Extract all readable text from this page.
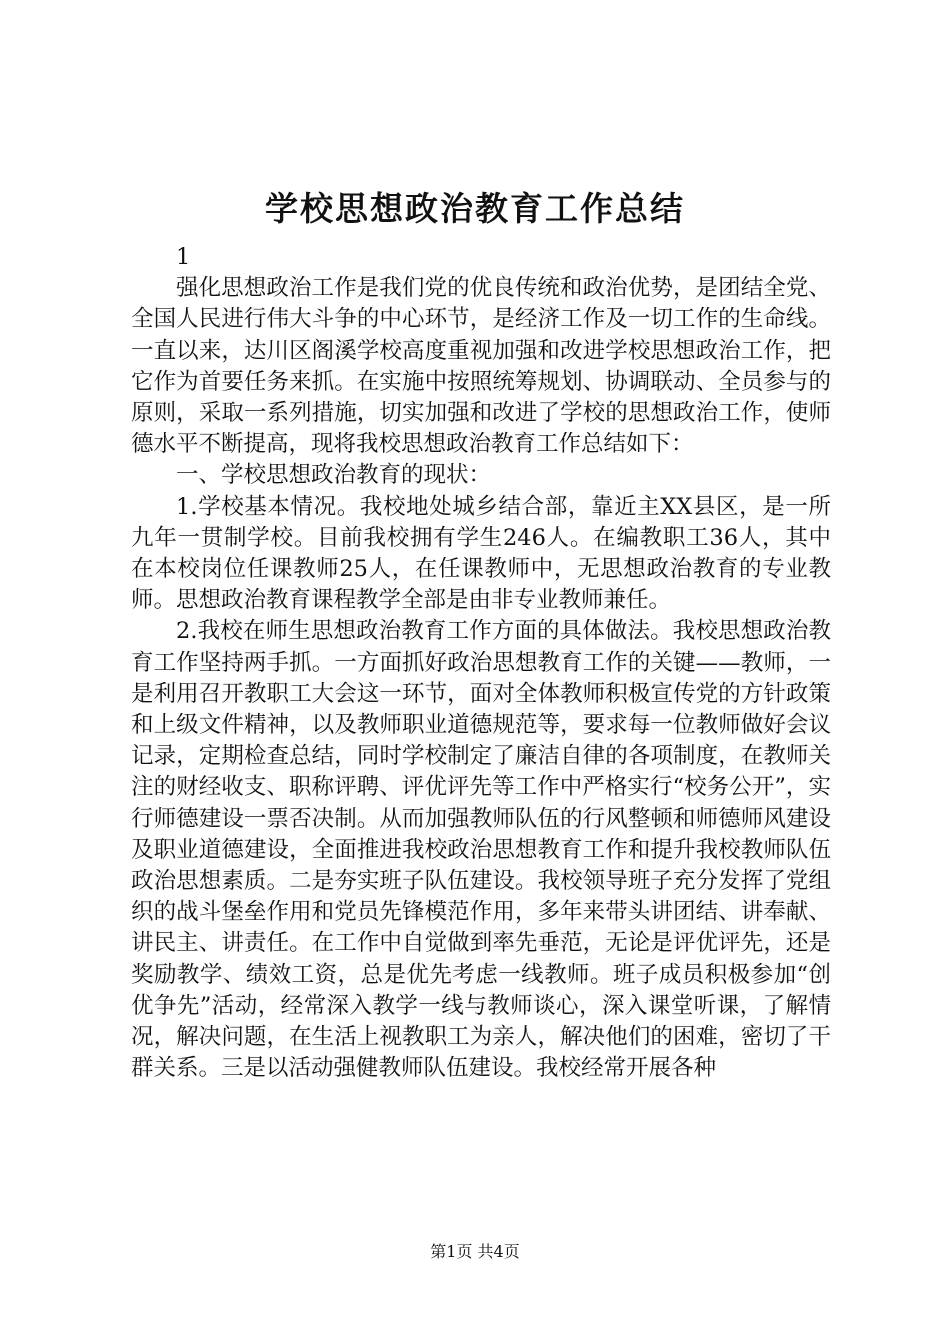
学校思想政治教育工作总结

1

强化思想政治工作是我们党的优良传统和政治优势，是团结全党、全国人民进行伟大斗争的中心环节，是经济工作及一切工作的生命线。一直以来，达川区阁溪学校高度重视加强和改进学校思想政治工作，把它作为首要任务来抓。在实施中按照统筹规划、协调联动、全员参与的原则，采取一系列措施，切实加强和改进了学校的思想政治工作，使师德水平不断提高，现将我校思想政治教育工作总结如下：

一、学校思想政治教育的现状：

1.学校基本情况。我校地处城乡结合部，靠近主XX县区，是一所九年一贯制学校。目前我校拥有学生246人。在编教职工36人，其中在本校岗位任课教师25人，在任课教师中，无思想政治教育的专业教师。思想政治教育课程教学全部是由非专业教师兼任。

2.我校在师生思想政治教育工作方面的具体做法。我校思想政治教育工作坚持两手抓。一方面抓好政治思想教育工作的关键——教师，一是利用召开教职工大会这一环节，面对全体教师积极宣传党的方针政策和上级文件精神，以及教师职业道德规范等，要求每一位教师做好会议记录，定期检查总结，同时学校制定了廉洁自律的各项制度，在教师关注的财经收支、职称评聘、评优评先等工作中严格实行“校务公开”，实行师德建设一票否决制。从而加强教师队伍的行风整顿和师德师风建设及职业道德建设，全面推进我校政治思想教育工作和提升我校教师队伍政治思想素质。二是夯实班子队伍建设。我校领导班子充分发挥了党组织的战斗堡垒作用和党员先锋模范作用，多年来带头讲团结、讲奉献、讲民主、讲责任。在工作中自觉做到率先垂范，无论是评优评先，还是奖励教学、绩效工资，总是优先考虑一线教师。班子成员积极参加“创优争先”活动，经常深入教学一线与教师谈心，深入课堂听课，了解情况，解决问题，在生活上视教职工为亲人，解决他们的困难，密切了干群关系。三是以活动强健教师队伍建设。我校经常开展各种

第1页 共4页
